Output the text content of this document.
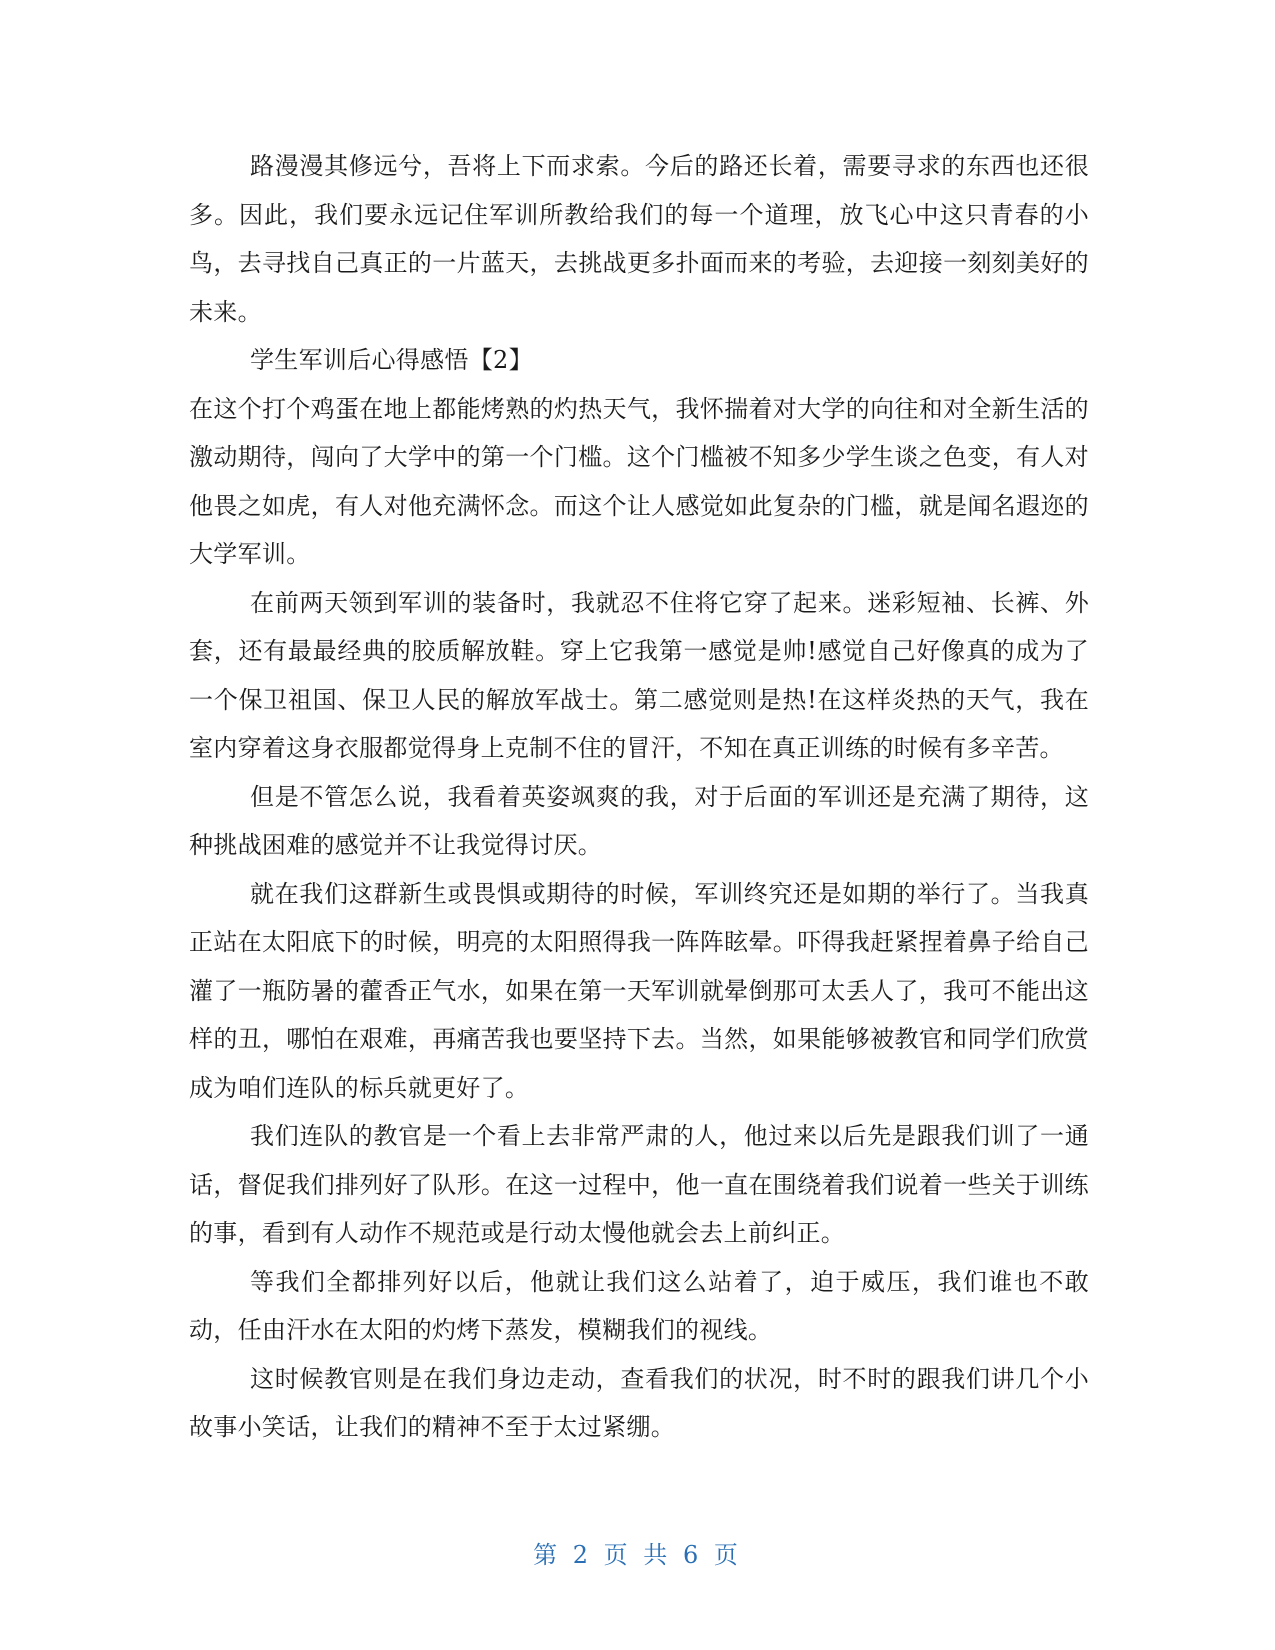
路漫漫其修远兮，吾将上下而求索。今后的路还长着，需要寻求的东西也还很多。因此，我们要永远记住军训所教给我们的每一个道理，放飞心中这只青春的小鸟，去寻找自己真正的一片蓝天，去挑战更多扑面而来的考验，去迎接一刻刻美好的未来。

学生军训后心得感悟【2】

在这个打个鸡蛋在地上都能烤熟的灼热天气，我怀揣着对大学的向往和对全新生活的激动期待，闯向了大学中的第一个门槛。这个门槛被不知多少学生谈之色变，有人对他畏之如虎，有人对他充满怀念。而这个让人感觉如此复杂的门槛，就是闻名遐迩的大学军训。

在前两天领到军训的装备时，我就忍不住将它穿了起来。迷彩短袖、长裤、外套，还有最最经典的胶质解放鞋。穿上它我第一感觉是帅!感觉自己好像真的成为了一个保卫祖国、保卫人民的解放军战士。第二感觉则是热!在这样炎热的天气，我在室内穿着这身衣服都觉得身上克制不住的冒汗，不知在真正训练的时候有多辛苦。

但是不管怎么说，我看着英姿飒爽的我，对于后面的军训还是充满了期待，这种挑战困难的感觉并不让我觉得讨厌。

就在我们这群新生或畏惧或期待的时候，军训终究还是如期的举行了。当我真正站在太阳底下的时候，明亮的太阳照得我一阵阵眩晕。吓得我赶紧捏着鼻子给自己灌了一瓶防暑的藿香正气水，如果在第一天军训就晕倒那可太丢人了，我可不能出这样的丑，哪怕在艰难，再痛苦我也要坚持下去。当然，如果能够被教官和同学们欣赏成为咱们连队的标兵就更好了。

我们连队的教官是一个看上去非常严肃的人，他过来以后先是跟我们训了一通话，督促我们排列好了队形。在这一过程中，他一直在围绕着我们说着一些关于训练的事，看到有人动作不规范或是行动太慢他就会去上前纠正。

等我们全都排列好以后，他就让我们这么站着了，迫于威压，我们谁也不敢动，任由汗水在太阳的灼烤下蒸发，模糊我们的视线。

这时候教官则是在我们身边走动，查看我们的状况，时不时的跟我们讲几个小故事小笑话，让我们的精神不至于太过紧绷。

第 2 页 共 6 页
